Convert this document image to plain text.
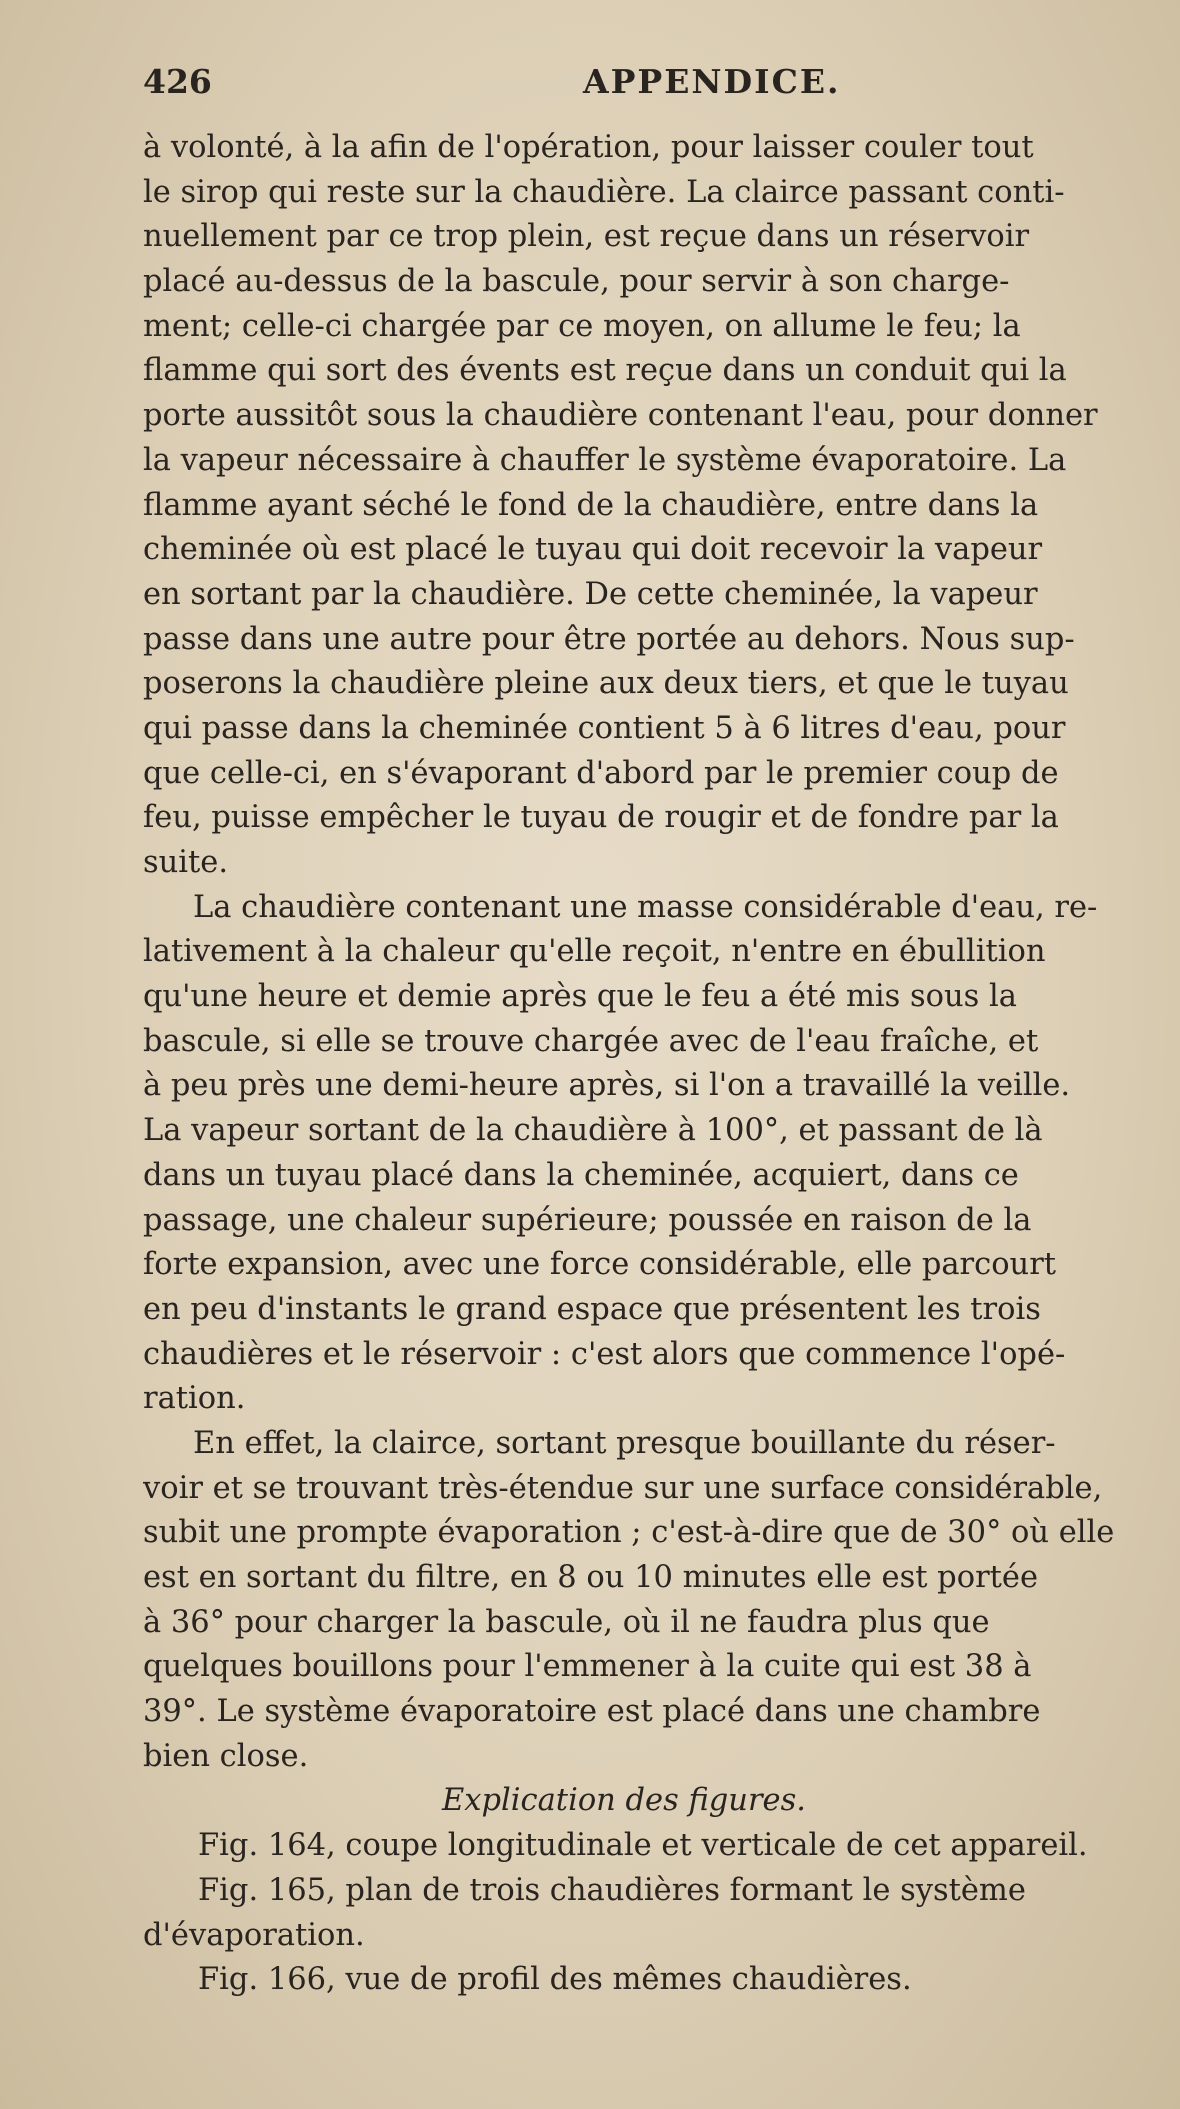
426	APPENDICE.
à volonté, à la afin de l'opération, pour laisser couler tout
le sirop qui reste sur la chaudière. La clairce passant conti-
nuellement par ce trop plein, est reçue dans un réservoir
placé au-dessus de la bascule, pour servir à son charge-
ment; celle-ci chargée par ce moyen, on allume le feu; la
flamme qui sort des évents est reçue dans un conduit qui la
porte aussitôt sous la chaudière contenant l'eau, pour donner
la vapeur nécessaire à chauffer le système évaporatoire. La
flamme ayant séché le fond de la chaudière, entre dans la
cheminée où est placé le tuyau qui doit recevoir la vapeur
en sortant par la chaudière. De cette cheminée, la vapeur
passe dans une autre pour être portée au dehors. Nous sup-
poserons la chaudière pleine aux deux tiers, et que le tuyau
qui passe dans la cheminée contient 5 à 6 litres d'eau, pour
que celle-ci, en s'évaporant d'abord par le premier coup de
feu, puisse empêcher le tuyau de rougir et de fondre par la
suite.
La chaudière contenant une masse considérable d'eau, re-
lativement à la chaleur qu'elle reçoit, n'entre en ébullition
qu'une heure et demie après que le feu a été mis sous la
bascule, si elle se trouve chargée avec de l'eau fraîche, et
à peu près une demi-heure après, si l'on a travaillé la veille.
La vapeur sortant de la chaudière à 100°, et passant de là
dans un tuyau placé dans la cheminée, acquiert, dans ce
passage, une chaleur supérieure; poussée en raison de la
forte expansion, avec une force considérable, elle parcourt
en peu d'instants le grand espace que présentent les trois
chaudières et le réservoir : c'est alors que commence l'opé-
ration.
En effet, la clairce, sortant presque bouillante du réser-
voir et se trouvant très-étendue sur une surface considérable,
subit une prompte évaporation ; c'est-à-dire que de 30° où elle
est en sortant du filtre, en 8 ou 10 minutes elle est portée
à 36° pour charger la bascule, où il ne faudra plus que
quelques bouillons pour l'emmener à la cuite qui est 38 à
39°. Le système évaporatoire est placé dans une chambre
bien close.
Explication des figures.
Fig. 164, coupe longitudinale et verticale de cet appareil.
Fig. 165, plan de trois chaudières formant le système
d'évaporation.
Fig. 166, vue de profil des mêmes chaudières.
